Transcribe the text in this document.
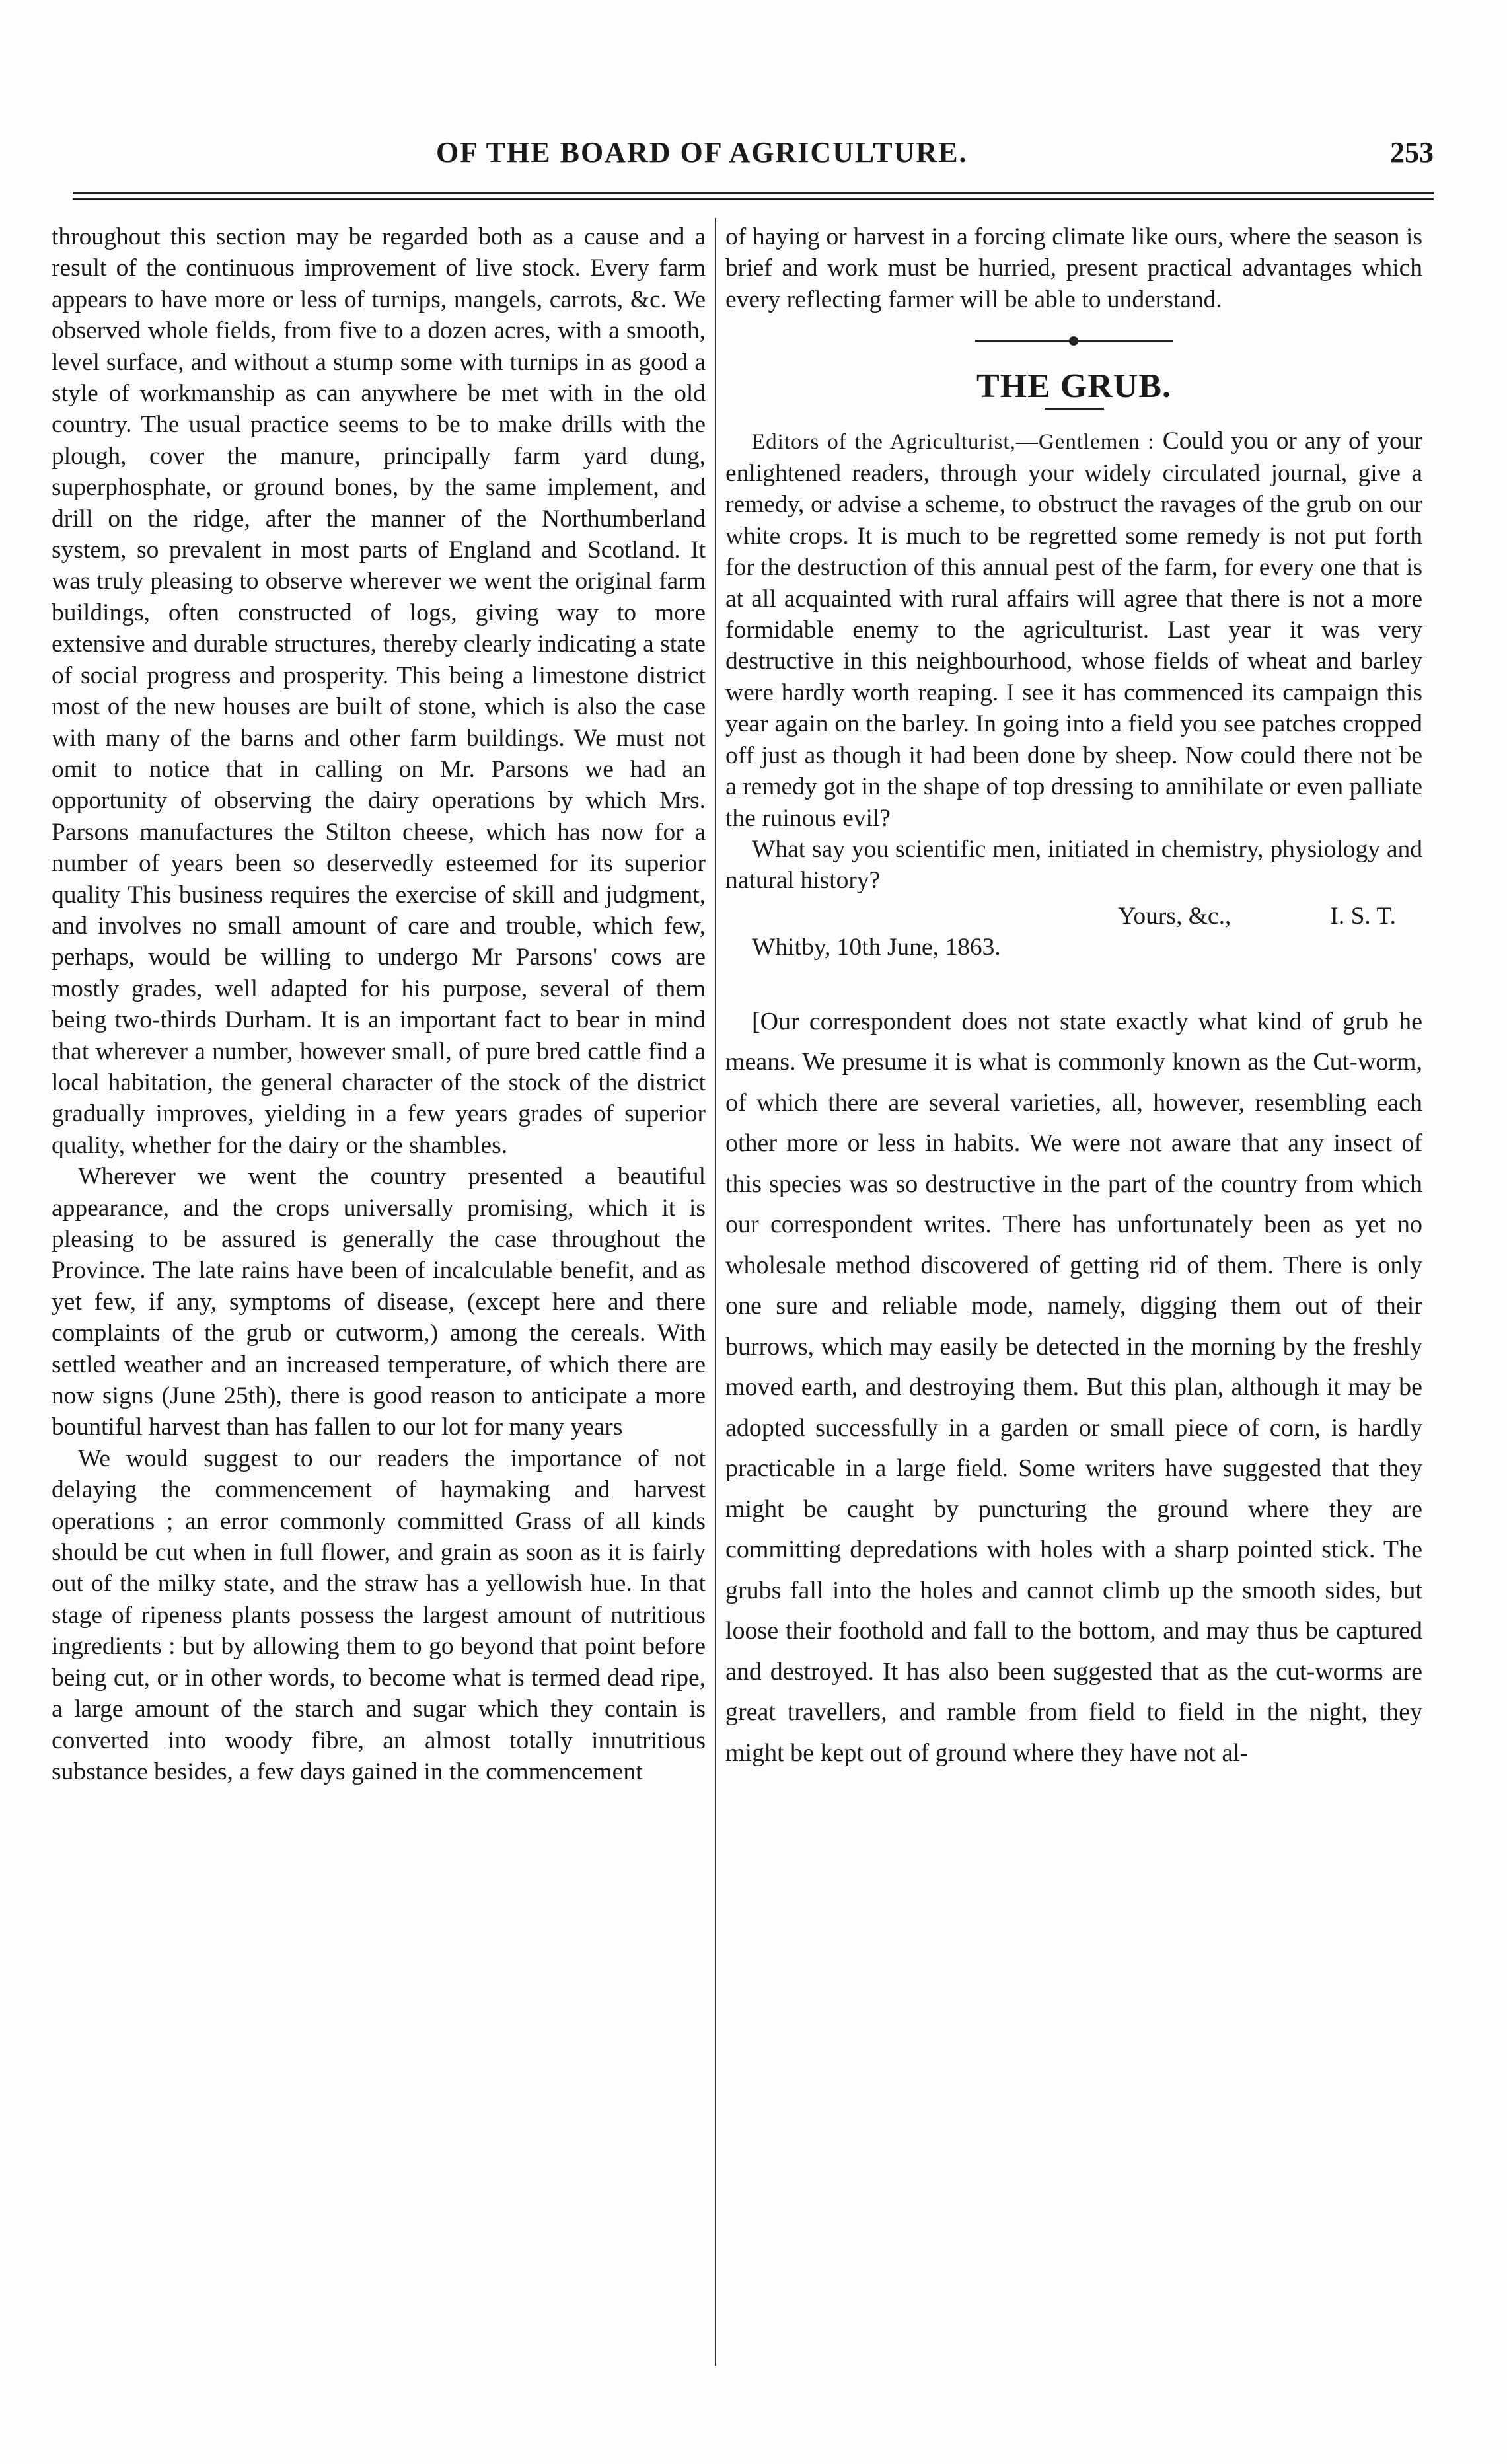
OF THE BOARD OF AGRICULTURE.	253

throughout this section may be regarded both as a cause and a result of the continuous improvement of live stock. Every farm appears to have more or less of turnips, mangels, carrots, &c. We observed whole fields, from five to a dozen acres, with a smooth, level surface, and without a stump some with turnips in as good a style of workmanship as can anywhere be met with in the old country. The usual practice seems to be to make drills with the plough, cover the manure, principally farm yard dung, superphosphate, or ground bones, by the same implement, and drill on the ridge, after the manner of the Northumberland system, so prevalent in most parts of England and Scotland. It was truly pleasing to observe wherever we went the original farm buildings, often constructed of logs, giving way to more extensive and durable structures, thereby clearly indicating a state of social progress and prosperity. This being a limestone district most of the new houses are built of stone, which is also the case with many of the barns and other farm buildings. We must not omit to notice that in calling on Mr. Parsons we had an opportunity of observing the dairy operations by which Mrs. Parsons manufactures the Stilton cheese, which has now for a number of years been so deservedly esteemed for its superior quality This business requires the exercise of skill and judgment, and involves no small amount of care and trouble, which few, perhaps, would be willing to undergo Mr Parsons' cows are mostly grades, well adapted for his purpose, several of them being two-thirds Durham. It is an important fact to bear in mind that wherever a number, however small, of pure bred cattle find a local habitation, the general character of the stock of the district gradually improves, yielding in a few years grades of superior quality, whether for the dairy or the shambles.

Wherever we went the country presented a beautiful appearance, and the crops universally promising, which it is pleasing to be assured is generally the case throughout the Province. The late rains have been of incalculable benefit, and as yet few, if any, symptoms of disease, (except here and there complaints of the grub or cutworm,) among the cereals. With settled weather and an increased temperature, of which there are now signs (June 25th), there is good reason to anticipate a more bountiful harvest than has fallen to our lot for many years

We would suggest to our readers the importance of not delaying the commencement of haymaking and harvest operations ; an error commonly committed Grass of all kinds should be cut when in full flower, and grain as soon as it is fairly out of the milky state, and the straw has a yellowish hue. In that stage of ripeness plants possess the largest amount of nutritious ingredients : but by allowing them to go beyond that point before being cut, or in other words, to become what is termed dead ripe, a large amount of the starch and sugar which they contain is converted into woody fibre, an almost totally innutritious substance besides, a few days gained in the commencement

of haying or harvest in a forcing climate like ours, where the season is brief and work must be hurried, present practical advantages which every reflecting farmer will be able to understand.

THE GRUB.

Editors of the Agriculturist,—Gentlemen : Could you or any of your enlightened readers, through your widely circulated journal, give a remedy, or advise a scheme, to obstruct the ravages of the grub on our white crops. It is much to be regretted some remedy is not put forth for the destruction of this annual pest of the farm, for every one that is at all acquainted with rural affairs will agree that there is not a more formidable enemy to the agriculturist. Last year it was very destructive in this neighbourhood, whose fields of wheat and barley were hardly worth reaping. I see it has commenced its campaign this year again on the barley. In going into a field you see patches cropped off just as though it had been done by sheep. Now could there not be a remedy got in the shape of top dressing to annihilate or even palliate the ruinous evil?

What say you scientific men, initiated in chemistry, physiology and natural history?

Yours, &c.,	I. S. T.

Whitby, 10th June, 1863.

[Our correspondent does not state exactly what kind of grub he means. We presume it is what is commonly known as the Cut-worm, of which there are several varieties, all, however, resembling each other more or less in habits. We were not aware that any insect of this species was so destructive in the part of the country from which our correspondent writes. There has unfortunately been as yet no wholesale method discovered of getting rid of them. There is only one sure and reliable mode, namely, digging them out of their burrows, which may easily be detected in the morning by the freshly moved earth, and destroying them. But this plan, although it may be adopted successfully in a garden or small piece of corn, is hardly practicable in a large field. Some writers have suggested that they might be caught by puncturing the ground where they are committing depredations with holes with a sharp pointed stick. The grubs fall into the holes and cannot climb up the smooth sides, but loose their foothold and fall to the bottom, and may thus be captured and destroyed. It has also been suggested that as the cut-worms are great travellers, and ramble from field to field in the night, they might be kept out of ground where they have not al-
